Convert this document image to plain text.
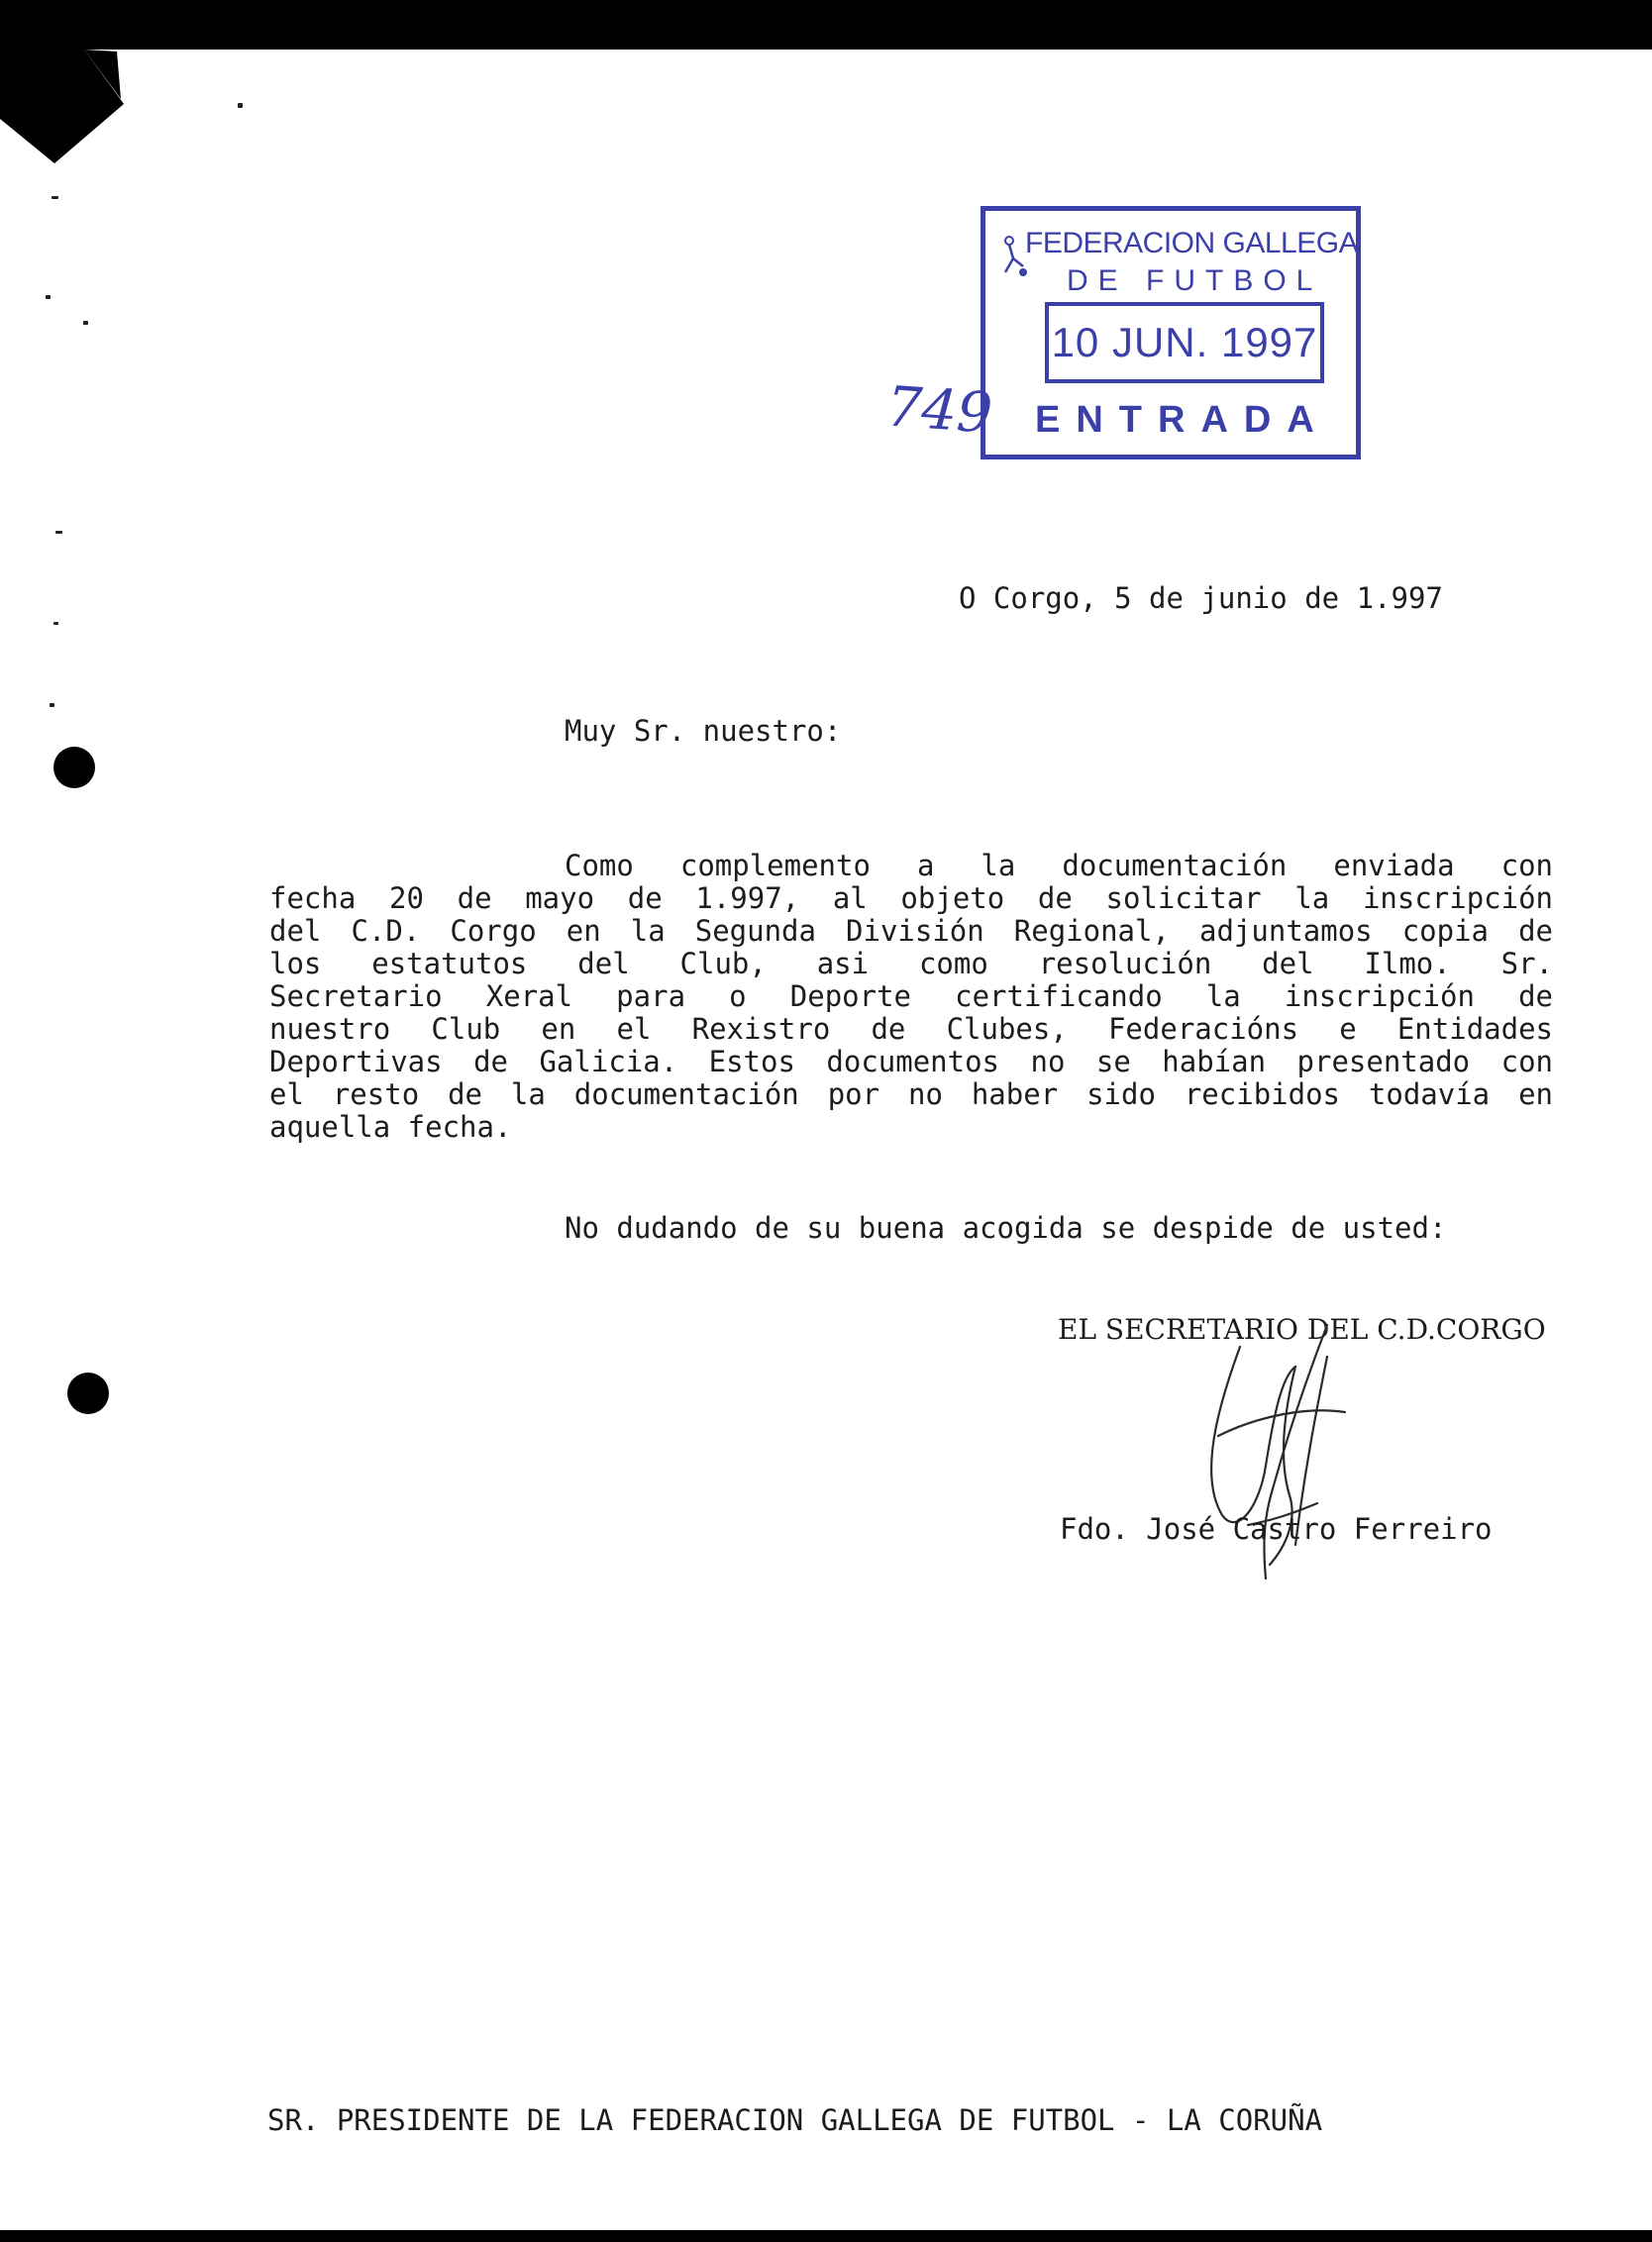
FEDERACION GALLEGA
DE FUTBOL
10 JUN. 1997
ENTRADA
749
O Corgo, 5 de junio de 1.997
Muy Sr. nuestro:
Como complemento a la documentación enviada con
fecha 20 de mayo de 1.997, al objeto de solicitar la inscripción
del C.D. Corgo en la Segunda División Regional, adjuntamos copia de
los estatutos del Club, asi como resolución del Ilmo. Sr.
Secretario Xeral para o Deporte certificando la inscripción de
nuestro Club en el Rexistro de Clubes, Federacións e Entidades
Deportivas de Galicia. Estos documentos no se habían presentado con
el resto de la documentación por no haber sido recibidos todavía en
aquella fecha.
No dudando de su buena acogida se despide de usted:
EL SECRETARIO DEL C.D.CORGO
Fdo. José Castro Ferreiro
SR. PRESIDENTE DE LA FEDERACION GALLEGA DE FUTBOL - LA CORUÑA
